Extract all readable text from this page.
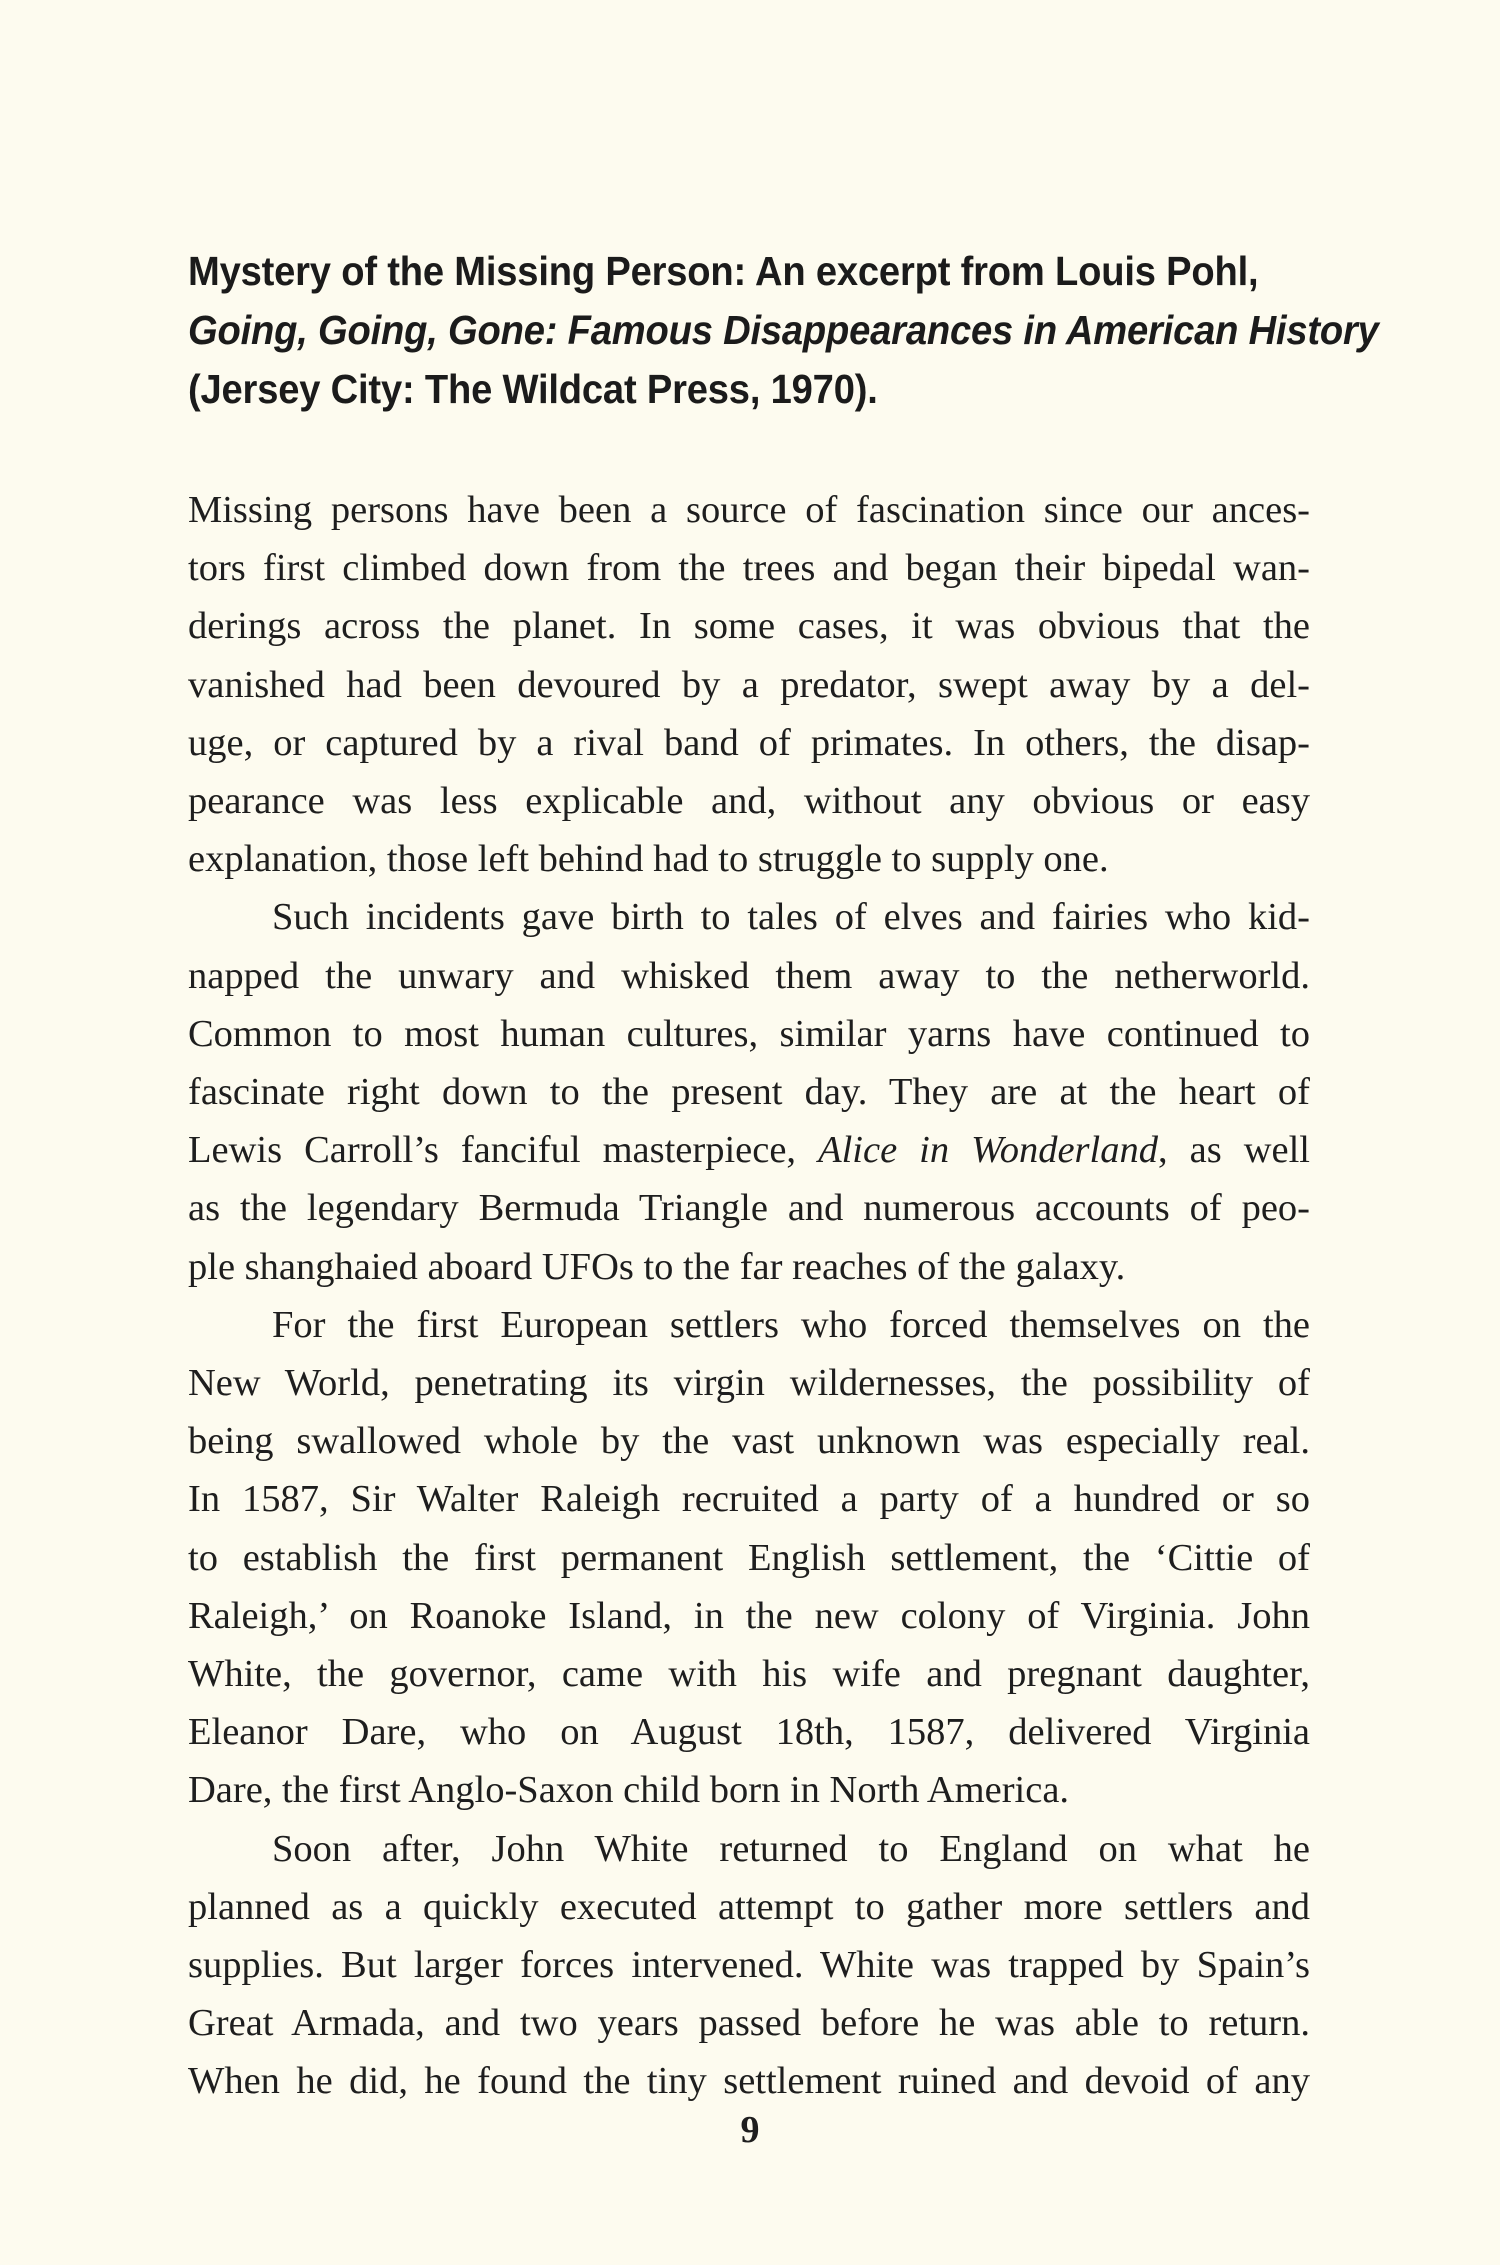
Mystery of the Missing Person: An excerpt from Louis Pohl,
Going, Going, Gone: Famous Disappearances in American History
(Jersey City: The Wildcat Press, 1970).

Missing persons have been a source of fascination since our ances-
tors first climbed down from the trees and began their bipedal wan-
derings across the planet. In some cases, it was obvious that the
vanished had been devoured by a predator, swept away by a del-
uge, or captured by a rival band of primates. In others, the disap-
pearance was less explicable and, without any obvious or easy
explanation, those left behind had to struggle to supply one.

Such incidents gave birth to tales of elves and fairies who kid-
napped the unwary and whisked them away to the netherworld.
Common to most human cultures, similar yarns have continued to
fascinate right down to the present day. They are at the heart of
Lewis Carroll’s fanciful masterpiece, Alice in Wonderland, as well
as the legendary Bermuda Triangle and numerous accounts of peo-
ple shanghaied aboard UFOs to the far reaches of the galaxy.

For the first European settlers who forced themselves on the
New World, penetrating its virgin wildernesses, the possibility of
being swallowed whole by the vast unknown was especially real.
In 1587, Sir Walter Raleigh recruited a party of a hundred or so
to establish the first permanent English settlement, the ‘Cittie of
Raleigh,’ on Roanoke Island, in the new colony of Virginia. John
White, the governor, came with his wife and pregnant daughter,
Eleanor Dare, who on August 18th, 1587, delivered Virginia
Dare, the first Anglo-Saxon child born in North America.

Soon after, John White returned to England on what he
planned as a quickly executed attempt to gather more settlers and
supplies. But larger forces intervened. White was trapped by Spain’s
Great Armada, and two years passed before he was able to return.
When he did, he found the tiny settlement ruined and devoid of any

9
